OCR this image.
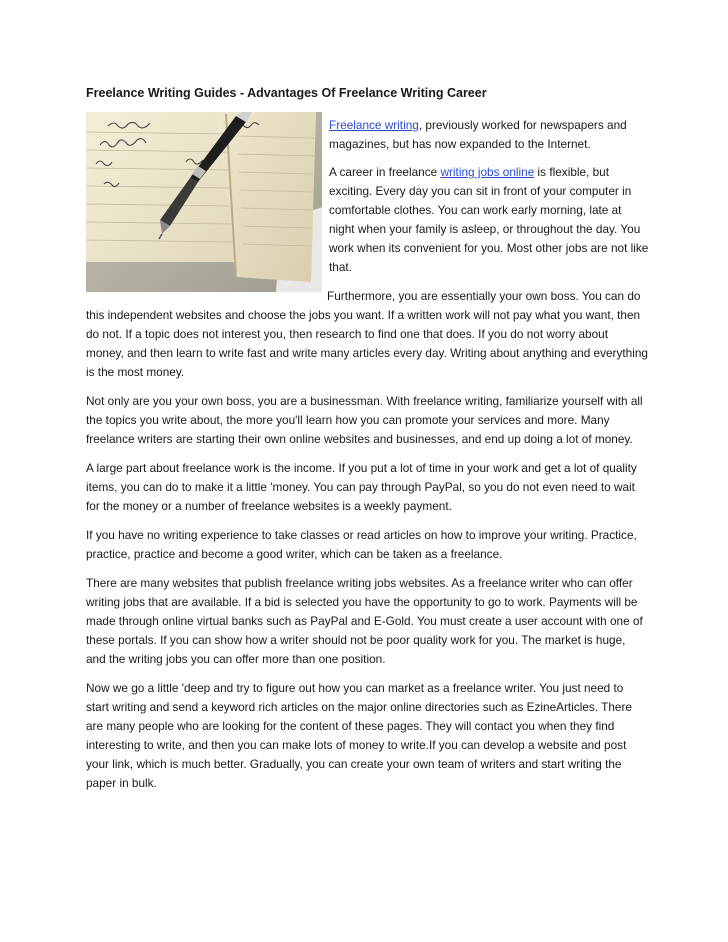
Freelance Writing Guides - Advantages Of Freelance Writing Career

Freelance writing, previously worked for newspapers and magazines, but has now expanded to the Internet.

A career in freelance writing jobs online is flexible, but exciting. Every day you can sit in front of your computer in comfortable clothes. You can work early morning, late at night when your family is asleep, or throughout the day. You work when its convenient for you. Most other jobs are not like that.

Furthermore, you are essentially your own boss. You can do this independent websites and choose the jobs you want. If a written work will not pay what you want, then do not. If a topic does not interest you, then research to find one that does. If you do not worry about money, and then learn to write fast and write many articles every day. Writing about anything and everything is the most money.

Not only are you your own boss, you are a businessman. With freelance writing, familiarize yourself with all the topics you write about, the more you'll learn how you can promote your services and more. Many freelance writers are starting their own online websites and businesses, and end up doing a lot of money.

A large part about freelance work is the income. If you put a lot of time in your work and get a lot of quality items, you can do to make it a little 'money. You can pay through PayPal, so you do not even need to wait for the money or a number of freelance websites is a weekly payment.

If you have no writing experience to take classes or read articles on how to improve your writing. Practice, practice, practice and become a good writer, which can be taken as a freelance.

There are many websites that publish freelance writing jobs websites. As a freelance writer who can offer writing jobs that are available. If a bid is selected you have the opportunity to go to work. Payments will be made through online virtual banks such as PayPal and E-Gold. You must create a user account with one of these portals. If you can show how a writer should not be poor quality work for you. The market is huge, and the writing jobs you can offer more than one position.

Now we go a little 'deep and try to figure out how you can market as a freelance writer. You just need to start writing and send a keyword rich articles on the major online directories such as EzineArticles. There are many people who are looking for the content of these pages. They will contact you when they find interesting to write, and then you can make lots of money to write.If you can develop a website and post your link, which is much better. Gradually, you can create your own team of writers and start writing the paper in bulk.
